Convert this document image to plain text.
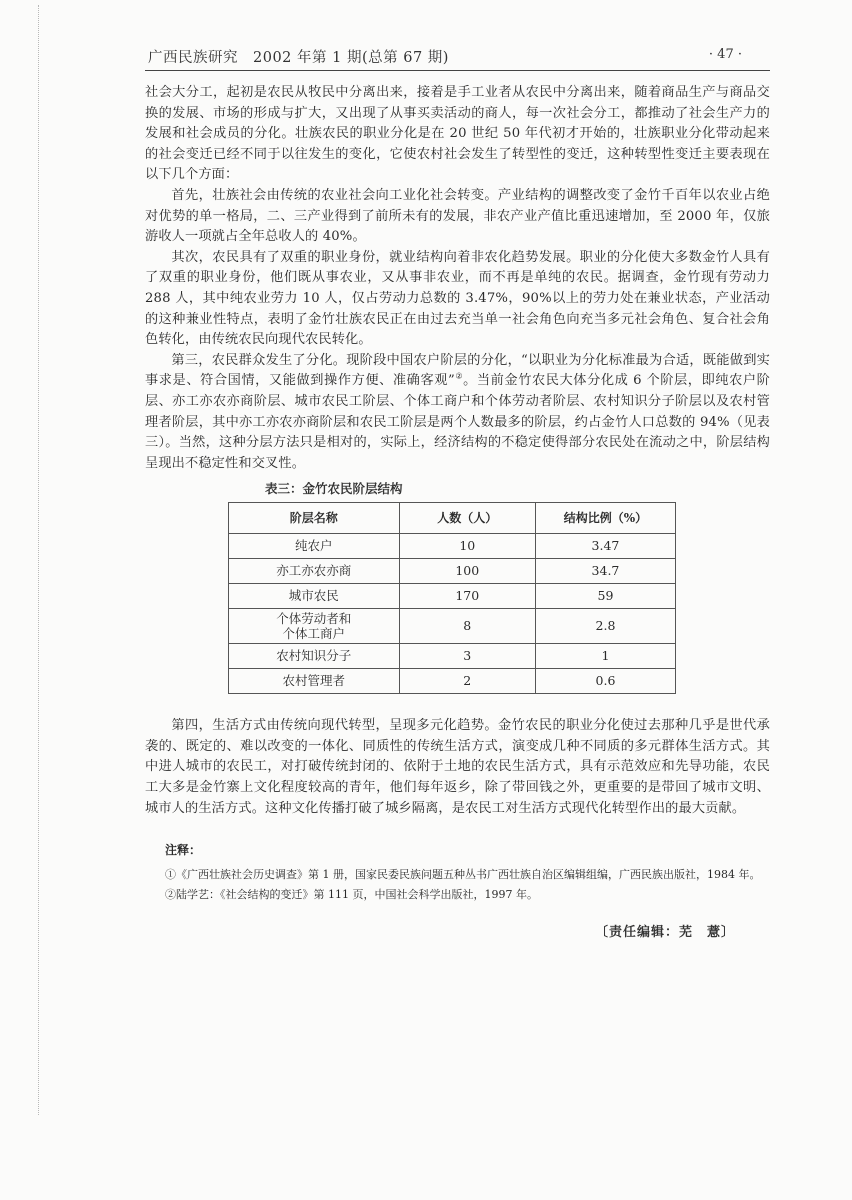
广西民族研究　2002 年第 1 期(总第 67 期)	· 47 ·

社会大分工，起初是农民从牧民中分离出来，接着是手工业者从农民中分离出来，随着商品生产与商品交换的发展、市场的形成与扩大，又出现了从事买卖活动的商人，每一次社会分工，都推动了社会生产力的发展和社会成员的分化。壮族农民的职业分化是在 20 世纪 50 年代初才开始的，壮族职业分化带动起来的社会变迁已经不同于以往发生的变化，它使农村社会发生了转型性的变迁，这种转型性变迁主要表现在以下几个方面：

首先，壮族社会由传统的农业社会向工业化社会转变。产业结构的调整改变了金竹千百年以农业占绝对优势的单一格局，二、三产业得到了前所未有的发展，非农产业产值比重迅速增加，至 2000 年，仅旅游收人一项就占全年总收人的 40%。

其次，农民具有了双重的职业身份，就业结构向着非农化趋势发展。职业的分化使大多数金竹人具有了双重的职业身份，他们既从事农业，又从事非农业，而不再是单纯的农民。据调查，金竹现有劳动力 288 人，其中纯农业劳力 10 人，仅占劳动力总数的 3.47%，90%以上的劳力处在兼业状态，产业活动的这种兼业性特点，表明了金竹壮族农民正在由过去充当单一社会角色向充当多元社会角色、复合社会角色转化，由传统农民向现代农民转化。

第三，农民群众发生了分化。现阶段中国农户阶层的分化，“以职业为分化标准最为合适，既能做到实事求是、符合国情，又能做到操作方便、准确客观”②。当前金竹农民大体分化成 6 个阶层，即纯农户阶层、亦工亦农亦商阶层、城市农民工阶层、个体工商户和个体劳动者阶层、农村知识分子阶层以及农村管理者阶层，其中亦工亦农亦商阶层和农民工阶层是两个人数最多的阶层，约占金竹人口总数的 94%（见表三）。当然，这种分层方法只是相对的，实际上，经济结构的不稳定使得部分农民处在流动之中，阶层结构呈现出不稳定性和交叉性。

表三：金竹农民阶层结构
阶层名称	人数（人）	结构比例（%）
纯农户	10	3.47
亦工亦农亦商	100	34.7
城市农民	170	59
个体劳动者和
个体工商户	8	2.8
农村知识分子	3	1
农村管理者	2	0.6

第四，生活方式由传统向现代转型，呈现多元化趋势。金竹农民的职业分化使过去那种几乎是世代承袭的、既定的、难以改变的一体化、同质性的传统生活方式，演变成几种不同质的多元群体生活方式。其中进人城市的农民工，对打破传统封闭的、依附于土地的农民生活方式，具有示范效应和先导功能，农民工大多是金竹寨上文化程度较高的青年，他们每年返乡，除了带回钱之外，更重要的是带回了城市文明、城市人的生活方式。这种文化传播打破了城乡隔离，是农民工对生活方式现代化转型作出的最大贡献。

注释：
①《广西壮族社会历史调查》第 1 册，国家民委民族问题五种丛书广西壮族自治区编辑组编，广西民族出版社，1984 年。
②陆学艺：《社会结构的变迁》第 111 页，中国社会科学出版社，1997 年。
〔责任编辑：芜　薏〕
